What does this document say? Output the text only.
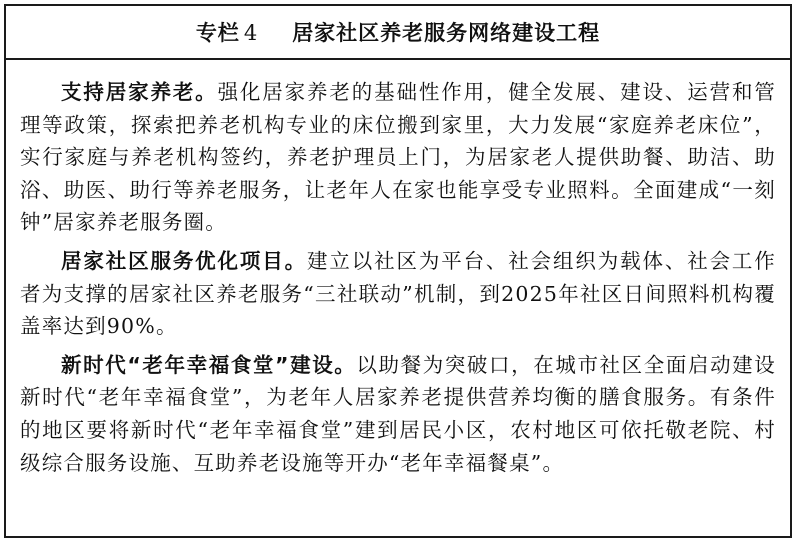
专栏 4 居家社区养老服务网络建设工程

支持居家养老。强化居家养老的基础性作用，健全发展、建设、运营和管理等政策，探索把养老机构专业的床位搬到家里，大力发展“家庭养老床位”，实行家庭与养老机构签约，养老护理员上门，为居家老人提供助餐、助洁、助浴、助医、助行等养老服务，让老年人在家也能享受专业照料。全面建成“一刻钟”居家养老服务圈。

居家社区服务优化项目。建立以社区为平台、社会组织为载体、社会工作者为支撑的居家社区养老服务“三社联动”机制，到2025年社区日间照料机构覆盖率达到90%。

新时代“老年幸福食堂”建设。以助餐为突破口，在城市社区全面启动建设新时代“老年幸福食堂”，为老年人居家养老提供营养均衡的膳食服务。有条件的地区要将新时代“老年幸福食堂”建到居民小区，农村地区可依托敬老院、村级综合服务设施、互助养老设施等开办“老年幸福餐桌”。
